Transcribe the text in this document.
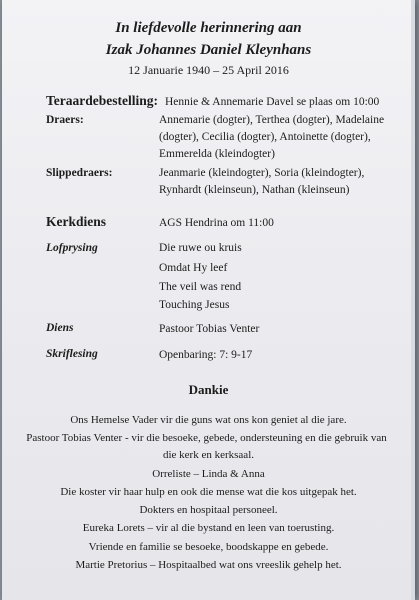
In liefdevolle herinnering aan
Izak Johannes Daniel Kleynhans
12 Januarie 1940 – 25 April 2016
Teraardebestelling: Hennie & Annemarie Davel se plaas om 10:00
Draers:	Annemarie (dogter), Terthea (dogter), Madelaine
(dogter), Cecilia (dogter), Antoinette (dogter),
Emmerelda (kleindogter)
Slippedraers:	Jeanmarie (kleindogter), Soria (kleindogter),
Rynhardt (kleinseun), Nathan (kleinseun)
Kerkdiens	AGS Hendrina om 11:00
Lofprysing	Die ruwe ou kruis
Omdat Hy leef
The veil was rend
Touching Jesus
Diens	Pastoor Tobias Venter
Skriflesing	Openbaring: 7: 9-17
Dankie
Ons Hemelse Vader vir die guns wat ons kon geniet al die jare.
Pastoor Tobias Venter - vir die besoeke, gebede, ondersteuning en die gebruik van
die kerk en kerksaal.
Orreliste – Linda & Anna
Die koster vir haar hulp en ook die mense wat die kos uitgepak het.
Dokters en hospitaal personeel.
Eureka Lorets – vir al die bystand en leen van toerusting.
Vriende en familie se besoeke, boodskappe en gebede.
Martie Pretorius – Hospitaalbed wat ons vreeslik gehelp het.
